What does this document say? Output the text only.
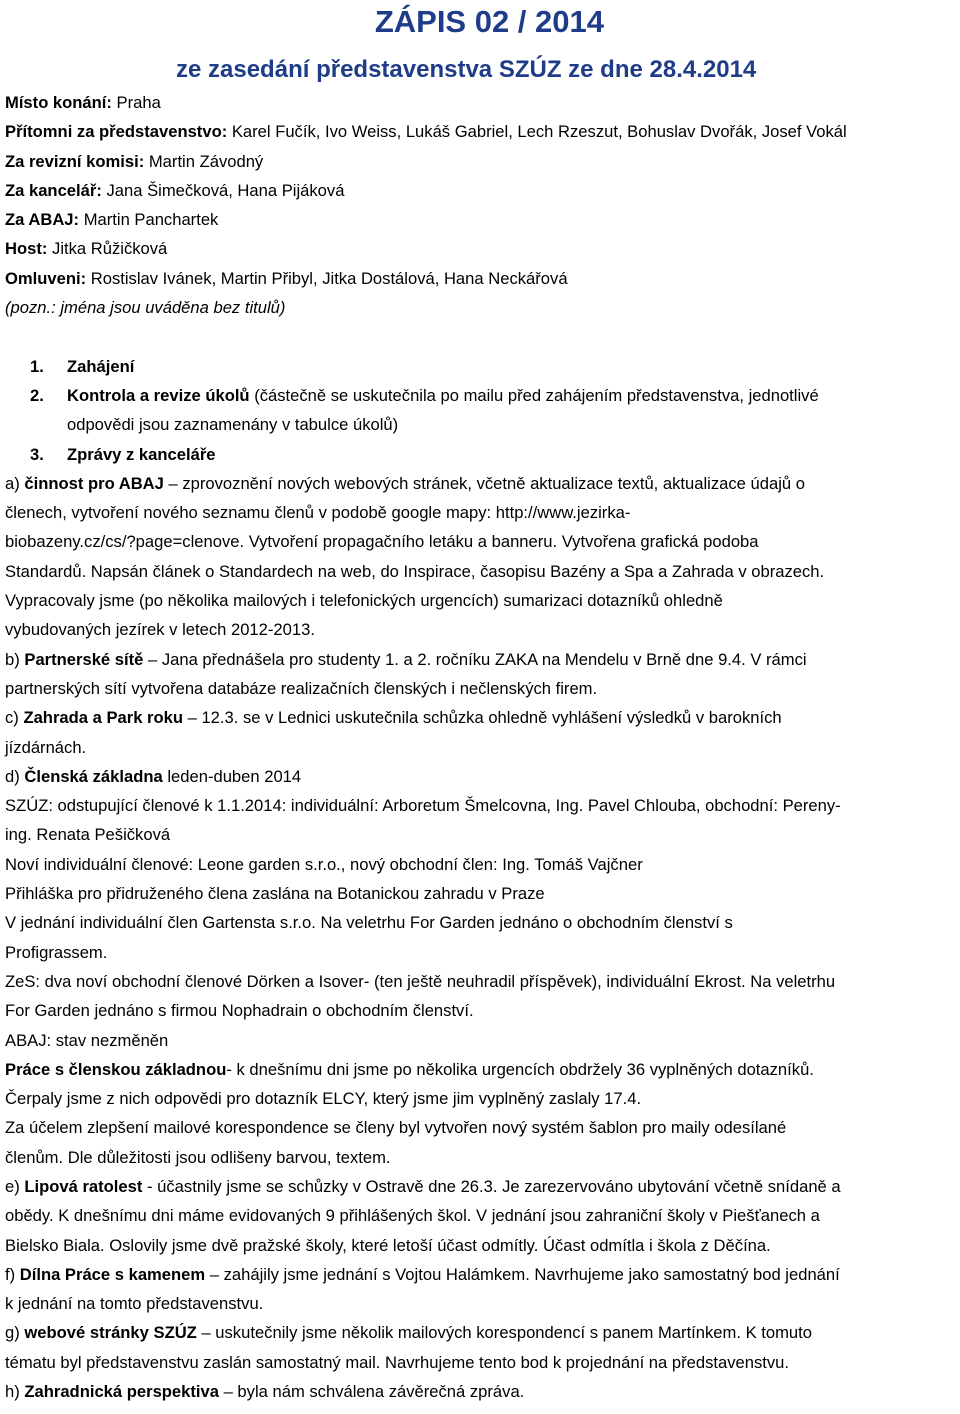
ZÁPIS 02 / 2014
ze zasedání představenstva SZÚZ ze dne 28.4.2014

Místo konání: Praha

Přítomni za představenstvo: Karel Fučík, Ivo Weiss, Lukáš Gabriel, Lech Rzeszut, Bohuslav Dvořák, Josef Vokál

Za revizní komisi: Martin Závodný

Za kancelář: Jana Šimečková, Hana Pijáková

Za ABAJ: Martin Panchartek

Host: Jitka Růžičková

Omluveni: Rostislav Ivánek, Martin Přibyl, Jitka Dostálová, Hana Neckářová

(pozn.: jména jsou uváděna bez titulů)

1.	Zahájení
2.	Kontrola a revize úkolů (částečně se uskutečnila po mailu před zahájením představenstva, jednotlivé

odpovědi jsou zaznamenány v tabulce úkolů)

3.	Zprávy z kanceláře

a) činnost pro ABAJ – zprovoznění nových webových stránek, včetně aktualizace textů, aktualizace údajů o

členech, vytvoření nového seznamu členů v podobě google mapy: http://www.jezirka-

biobazeny.cz/cs/?page=clenove. Vytvoření propagačního letáku a banneru. Vytvořena grafická podoba

Standardů. Napsán článek o Standardech na web, do Inspirace, časopisu Bazény a Spa a Zahrada v obrazech.

Vypracovaly jsme (po několika mailových i telefonických urgencích) sumarizaci dotazníků ohledně

vybudovaných jezírek v letech 2012-2013.

b) Partnerské sítě – Jana přednášela pro studenty 1. a 2. ročníku ZAKA na Mendelu v Brně dne 9.4. V rámci

partnerských sítí vytvořena databáze realizačních členských i nečlenských firem.

c) Zahrada a Park roku – 12.3. se v Lednici uskutečnila schůzka ohledně vyhlášení výsledků v barokních

jízdárnách.

d) Členská základna leden-duben 2014

SZÚZ: odstupující členové k 1.1.2014: individuální: Arboretum Šmelcovna, Ing. Pavel Chlouba, obchodní: Pereny-

ing. Renata Pešičková

Noví individuální členové: Leone garden s.r.o., nový obchodní člen: Ing. Tomáš Vajčner

Přihláška pro přidruženého člena zaslána na Botanickou zahradu v Praze

V jednání individuální člen Gartensta s.r.o. Na veletrhu For Garden jednáno o obchodním členství s

Profigrassem.

ZeS: dva noví obchodní členové Dörken a Isover- (ten ještě neuhradil příspěvek), individuální Ekrost. Na veletrhu

For Garden jednáno s firmou Nophadrain o obchodním členství.

ABAJ: stav nezměněn

Práce s členskou základnou- k dnešnímu dni jsme po několika urgencích obdržely 36 vyplněných dotazníků.

Čerpaly jsme z nich odpovědi pro dotazník ELCY, který jsme jim vyplněný zaslaly 17.4.

Za účelem zlepšení mailové korespondence se členy byl vytvořen nový systém šablon pro maily odesílané

členům. Dle důležitosti jsou odlišeny barvou, textem.

e) Lipová ratolest - účastnily jsme se schůzky v Ostravě dne 26.3. Je zarezervováno ubytování včetně snídaně a

obědy. K dnešnímu dni máme evidovaných 9 přihlášených škol. V jednání jsou zahraniční školy v Piešťanech a

Bielsko Biala. Oslovily jsme dvě pražské školy, které letoší účast odmítly. Účast odmítla i škola z Děčína.

f) Dílna Práce s kamenem – zahájily jsme jednání s Vojtou Halámkem. Navrhujeme jako samostatný bod jednání

k jednání na tomto představenstvu.

g) webové stránky SZÚZ – uskutečnily jsme několik mailových korespondencí s panem Martínkem. K tomuto

tématu byl představenstvu zaslán samostatný mail. Navrhujeme tento bod k projednání na představenstvu.

h) Zahradnická perspektiva – byla nám schválena závěrečná zpráva.
